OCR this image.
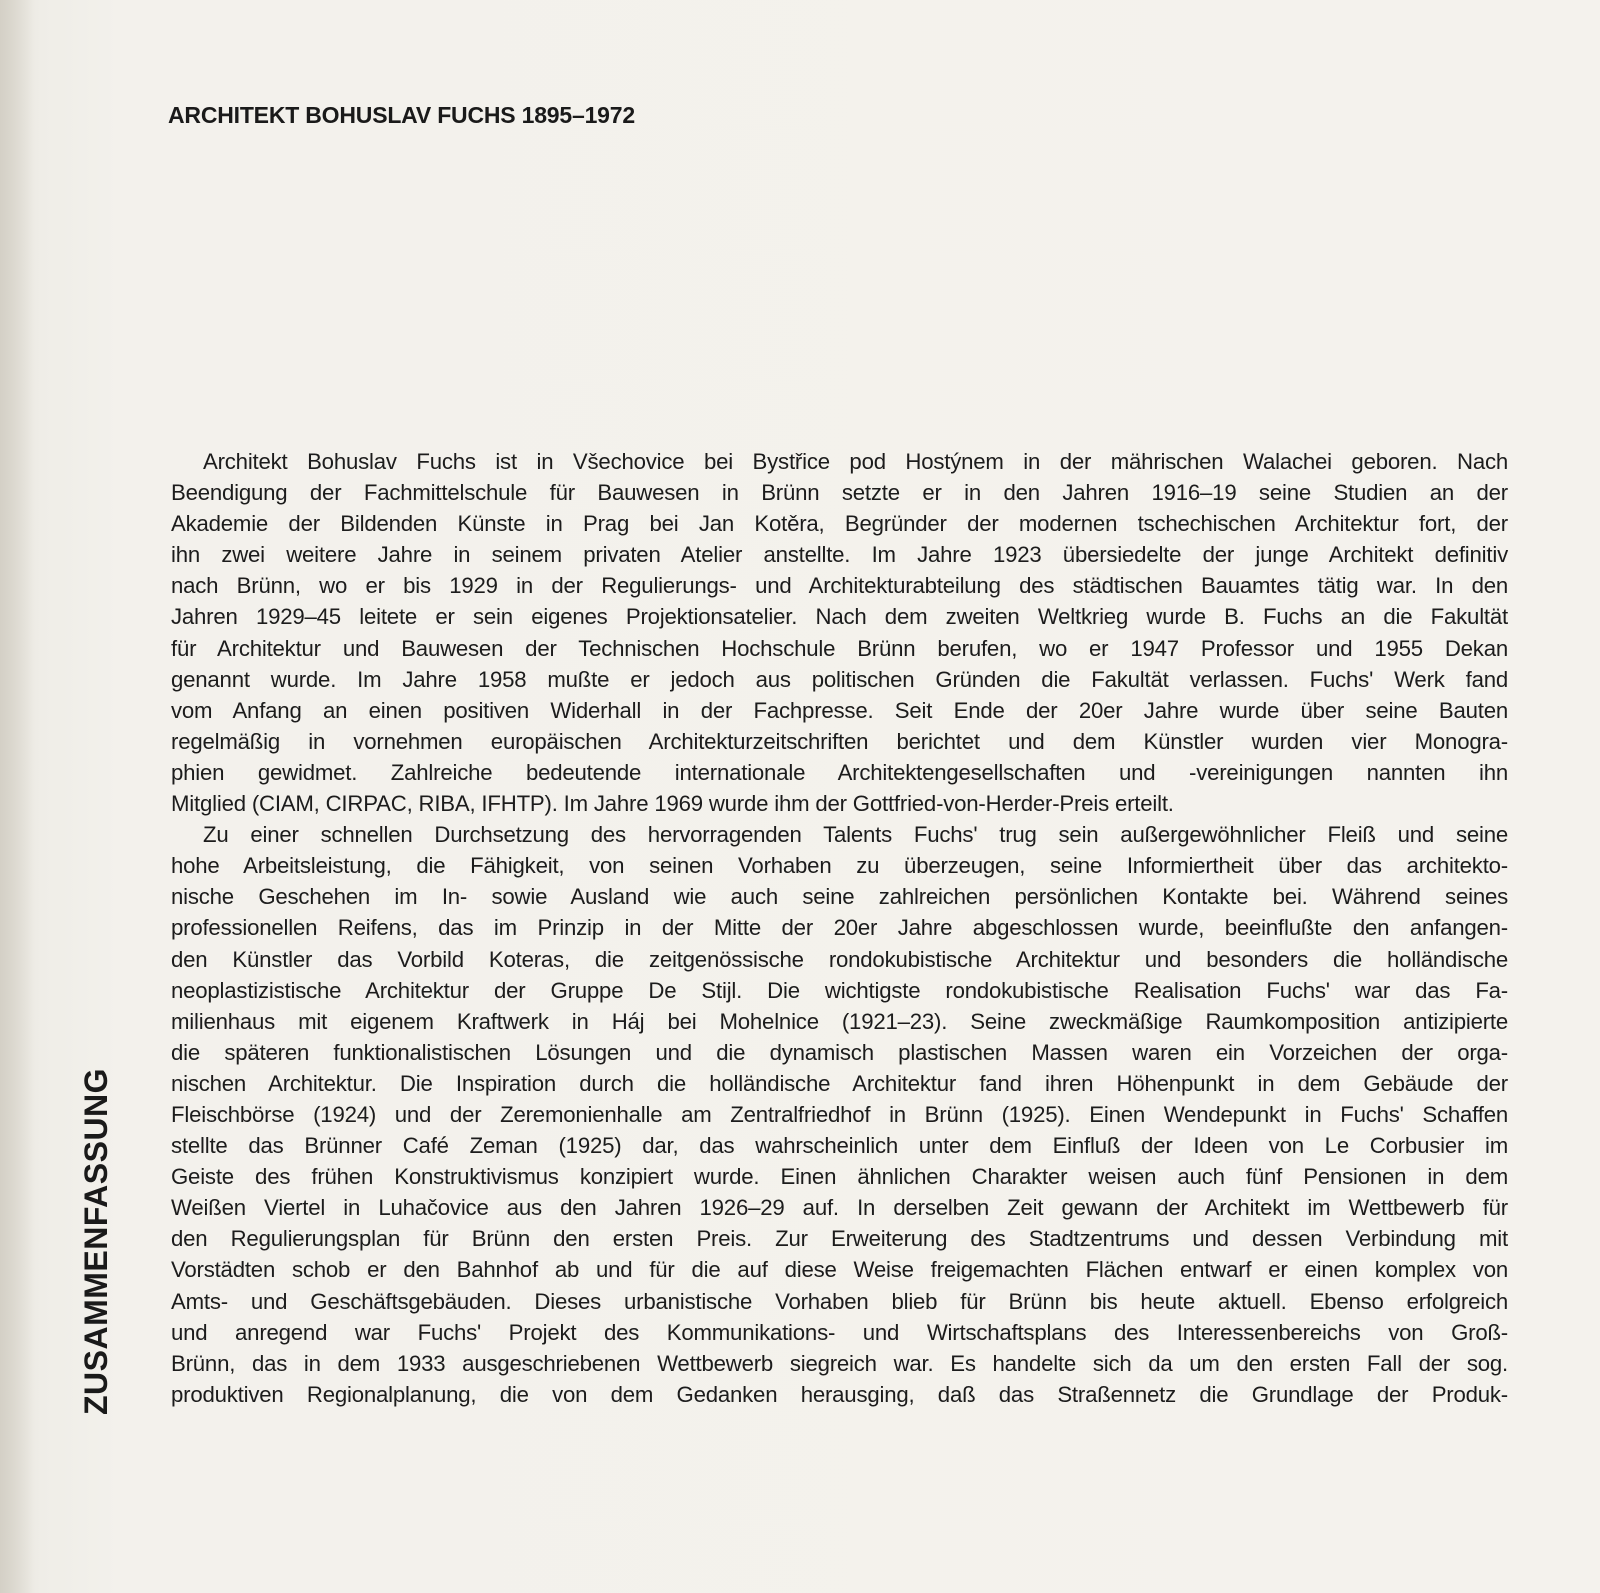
ARCHITEKT BOHUSLAV FUCHS 1895–1972
ZUSAMMENFASSUNG
Architekt Bohuslav Fuchs ist in Všechovice bei Bystřice pod Hostýnem in der mährischen Walachei geboren. Nach
Beendigung der Fachmittelschule für Bauwesen in Brünn setzte er in den Jahren 1916–19 seine Studien an der
Akademie der Bildenden Künste in Prag bei Jan Kotěra, Begründer der modernen tschechischen Architektur fort, der
ihn zwei weitere Jahre in seinem privaten Atelier anstellte. Im Jahre 1923 übersiedelte der junge Architekt definitiv
nach Brünn, wo er bis 1929 in der Regulierungs- und Architekturabteilung des städtischen Bauamtes tätig war. In den
Jahren 1929–45 leitete er sein eigenes Projektionsatelier. Nach dem zweiten Weltkrieg wurde B. Fuchs an die Fakultät
für Architektur und Bauwesen der Technischen Hochschule Brünn berufen, wo er 1947 Professor und 1955 Dekan
genannt wurde. Im Jahre 1958 mußte er jedoch aus politischen Gründen die Fakultät verlassen. Fuchs' Werk fand
vom Anfang an einen positiven Widerhall in der Fachpresse. Seit Ende der 20er Jahre wurde über seine Bauten
regelmäßig in vornehmen europäischen Architekturzeitschriften berichtet und dem Künstler wurden vier Monogra-
phien gewidmet. Zahlreiche bedeutende internationale Architektengesellschaften und -vereinigungen nannten ihn
Mitglied (CIAM, CIRPAC, RIBA, IFHTP). Im Jahre 1969 wurde ihm der Gottfried-von-Herder-Preis erteilt.
Zu einer schnellen Durchsetzung des hervorragenden Talents Fuchs' trug sein außergewöhnlicher Fleiß und seine
hohe Arbeitsleistung, die Fähigkeit, von seinen Vorhaben zu überzeugen, seine Informiertheit über das architekto-
nische Geschehen im In- sowie Ausland wie auch seine zahlreichen persönlichen Kontakte bei. Während seines
professionellen Reifens, das im Prinzip in der Mitte der 20er Jahre abgeschlossen wurde, beeinflußte den anfangen-
den Künstler das Vorbild Koteras, die zeitgenössische rondokubistische Architektur und besonders die holländische
neoplastizistische Architektur der Gruppe De Stijl. Die wichtigste rondokubistische Realisation Fuchs' war das Fa-
milienhaus mit eigenem Kraftwerk in Háj bei Mohelnice (1921–23). Seine zweckmäßige Raumkomposition antizipierte
die späteren funktionalistischen Lösungen und die dynamisch plastischen Massen waren ein Vorzeichen der orga-
nischen Architektur. Die Inspiration durch die holländische Architektur fand ihren Höhenpunkt in dem Gebäude der
Fleischbörse (1924) und der Zeremonienhalle am Zentralfriedhof in Brünn (1925). Einen Wendepunkt in Fuchs' Schaffen
stellte das Brünner Café Zeman (1925) dar, das wahrscheinlich unter dem Einfluß der Ideen von Le Corbusier im
Geiste des frühen Konstruktivismus konzipiert wurde. Einen ähnlichen Charakter weisen auch fünf Pensionen in dem
Weißen Viertel in Luhačovice aus den Jahren 1926–29 auf. In derselben Zeit gewann der Architekt im Wettbewerb für
den Regulierungsplan für Brünn den ersten Preis. Zur Erweiterung des Stadtzentrums und dessen Verbindung mit
Vorstädten schob er den Bahnhof ab und für die auf diese Weise freigemachten Flächen entwarf er einen komplex von
Amts- und Geschäftsgebäuden. Dieses urbanistische Vorhaben blieb für Brünn bis heute aktuell. Ebenso erfolgreich
und anregend war Fuchs' Projekt des Kommunikations- und Wirtschaftsplans des Interessenbereichs von Groß-
Brünn, das in dem 1933 ausgeschriebenen Wettbewerb siegreich war. Es handelte sich da um den ersten Fall der sog.
produktiven Regionalplanung, die von dem Gedanken herausging, daß das Straßennetz die Grundlage der Produk-
